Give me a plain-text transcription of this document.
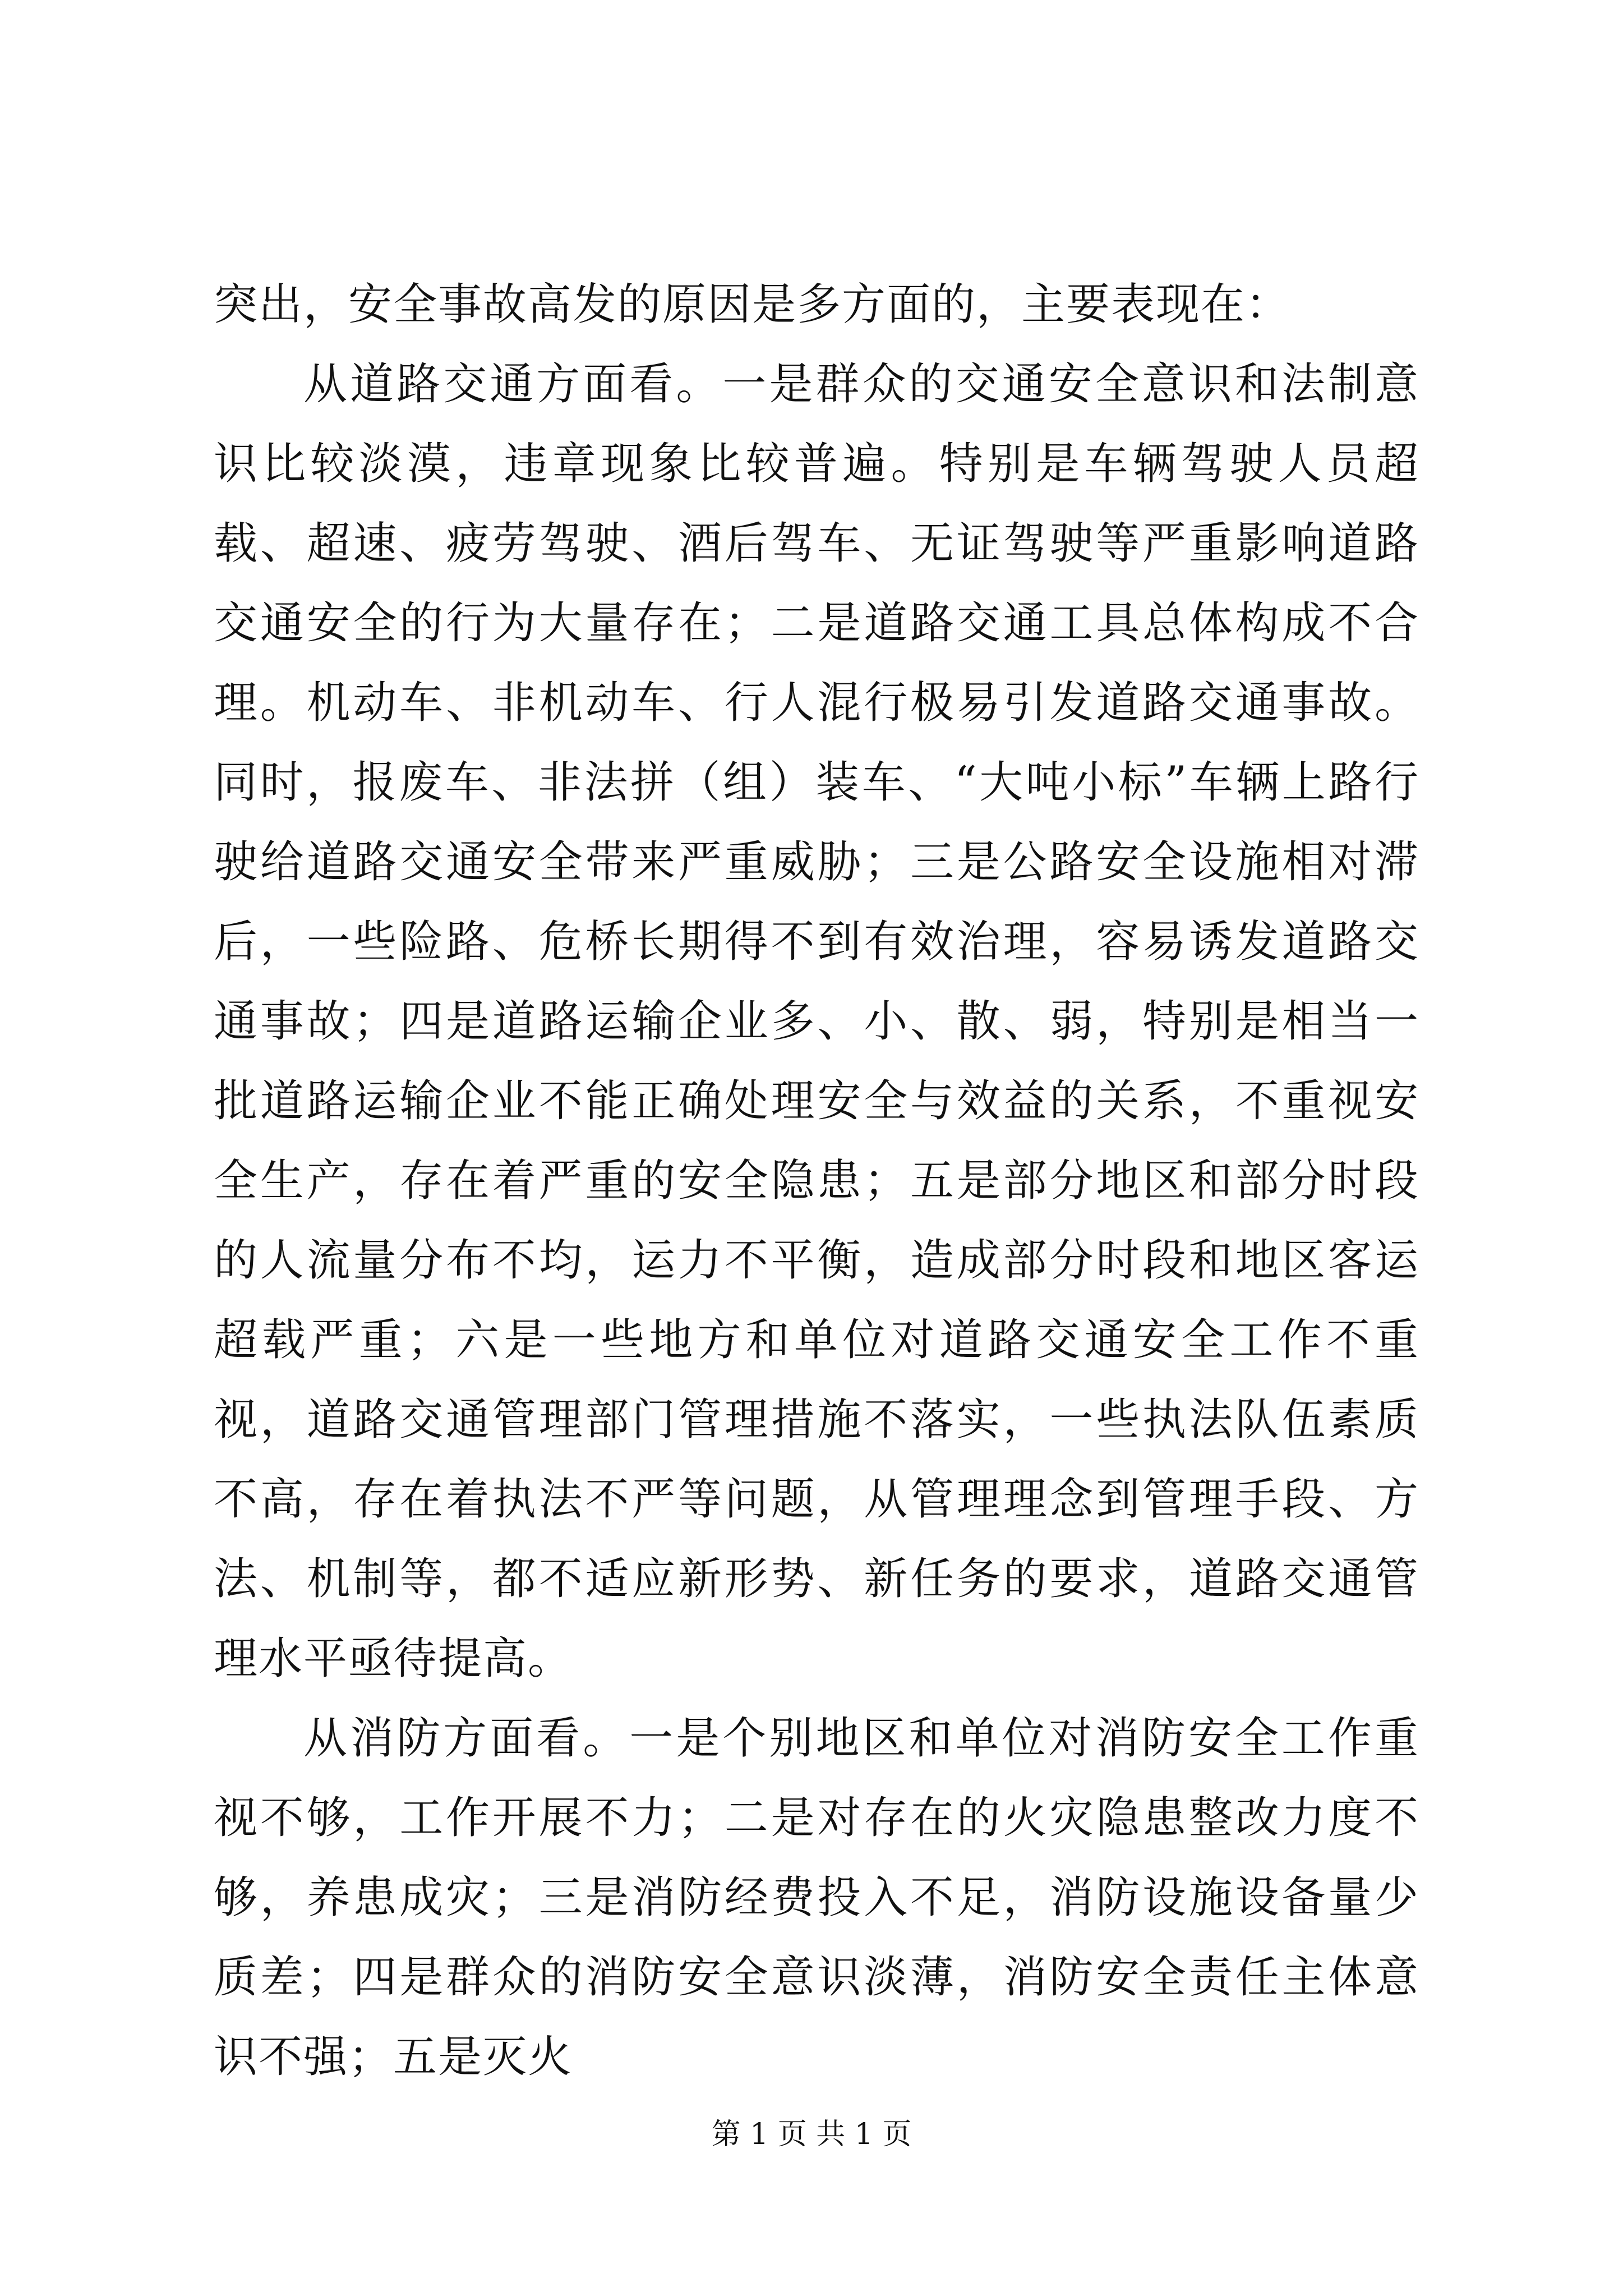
突出，安全事故高发的原因是多方面的，主要表现在：

从道路交通方面看。一是群众的交通安全意识和法制意识比较淡漠，违章现象比较普遍。特别是车辆驾驶人员超载、超速、疲劳驾驶、酒后驾车、无证驾驶等严重影响道路交通安全的行为大量存在；二是道路交通工具总体构成不合理。机动车、非机动车、行人混行极易引发道路交通事故。同时，报废车、非法拼（组）装车、“大吨小标”车辆上路行驶给道路交通安全带来严重威胁；三是公路安全设施相对滞后，一些险路、危桥长期得不到有效治理，容易诱发道路交通事故；四是道路运输企业多、小、散、弱，特别是相当一批道路运输企业不能正确处理安全与效益的关系，不重视安全生产，存在着严重的安全隐患；五是部分地区和部分时段的人流量分布不均，运力不平衡，造成部分时段和地区客运超载严重；六是一些地方和单位对道路交通安全工作不重视，道路交通管理部门管理措施不落实，一些执法队伍素质不高，存在着执法不严等问题，从管理理念到管理手段、方法、机制等，都不适应新形势、新任务的要求，道路交通管理水平亟待提高。

从消防方面看。一是个别地区和单位对消防安全工作重视不够，工作开展不力；二是对存在的火灾隐患整改力度不够，养患成灾；三是消防经费投入不足，消防设施设备量少质差；四是群众的消防安全意识淡薄，消防安全责任主体意识不强；五是灭火

第 1 页 共 1 页
